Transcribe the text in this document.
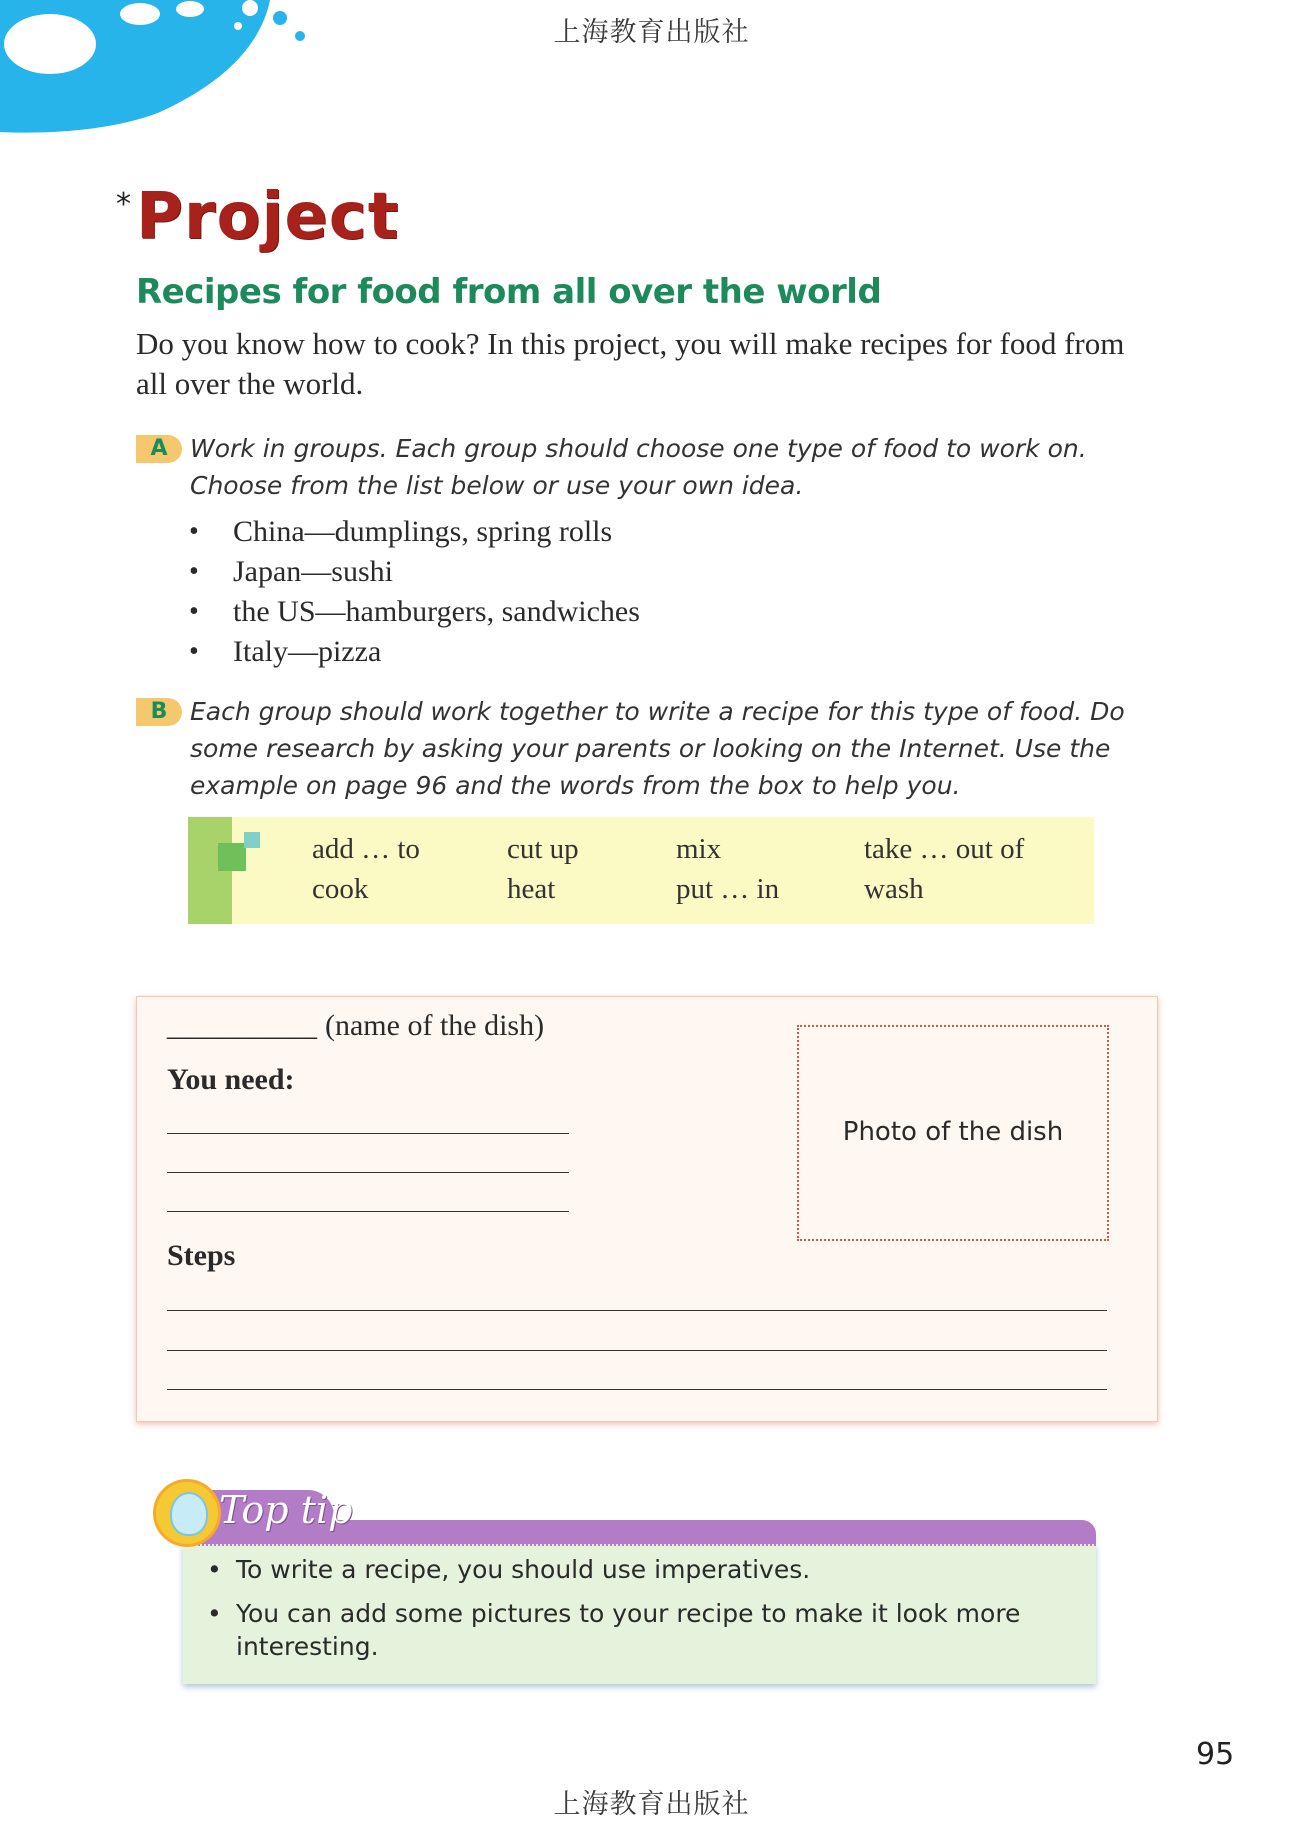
上海教育出版社
* Project
Recipes for food from all over the world
Do you know how to cook? In this project, you will make recipes for food from all over the world.
A Work in groups. Each group should choose one type of food to work on. Choose from the list below or use your own idea.
• China—dumplings, spring rolls
• Japan—sushi
• the US—hamburgers, sandwiches
• Italy—pizza
B Each group should work together to write a recipe for this type of food. Do some research by asking your parents or looking on the Internet. Use the example on page 96 and the words from the box to help you.
add … to	cut up	mix	take … out of
cook	heat	put … in	wash
__________ (name of the dish)
You need:
Steps
Photo of the dish
Top tip
• To write a recipe, you should use imperatives.
• You can add some pictures to your recipe to make it look more interesting.
95
上海教育出版社
